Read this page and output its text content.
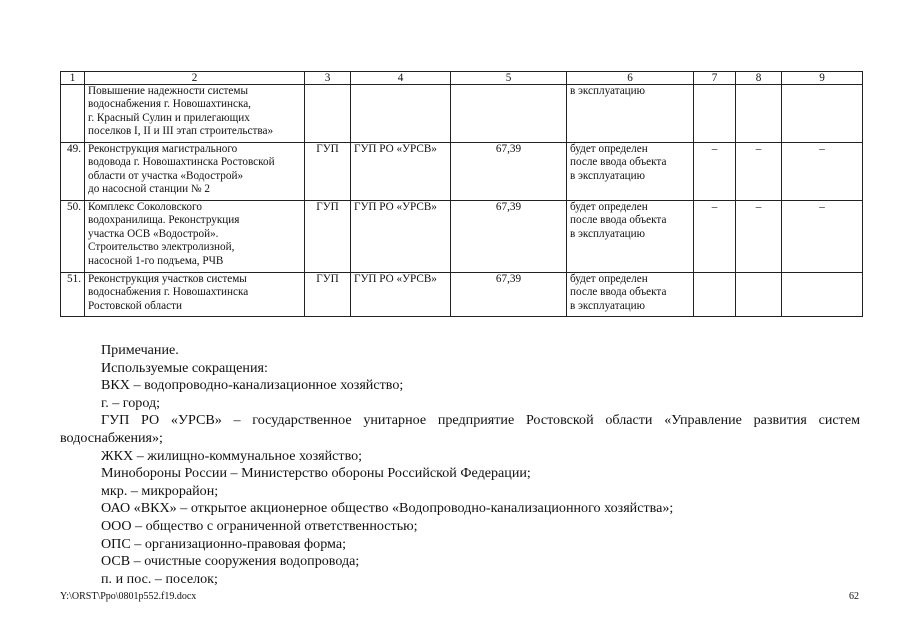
1	2	3	4	5	6	7	8	9

	Повышение надежности системы
водоснабжения г. Новошахтинска,
г. Красный Сулин и прилегающих
поселков I, II и III этап строительства»				в эксплуатацию			

49.	Реконструкция магистрального
водовода г. Новошахтинска Ростовской
области от участка «Водострой»
до насосной станции № 2	ГУП	ГУП РО «УРСВ»	67,39	будет определен
после ввода объекта
в эксплуатацию	–	–	–
50.	Комплекс Соколовского
водохранилища. Реконструкция
участка ОСВ «Водострой».
Строительство электролизной,
насосной 1-го подъема, РЧВ	ГУП	ГУП РО «УРСВ»	67,39	будет определен
после ввода объекта
в эксплуатацию	–	–	–
51.	Реконструкция участков системы
водоснабжения г. Новошахтинска
Ростовской области	ГУП	ГУП РО «УРСВ»	67,39	будет определен
после ввода объекта
в эксплуатацию			

Примечание.
Используемые сокращения:
ВКХ – водопроводно-канализационное хозяйство;
г. – город;
ГУП РО «УРСВ» – государственное унитарное предприятие Ростовской области «Управление развития систем
водоснабжения»;
ЖКХ – жилищно-коммунальное хозяйство;
Минобороны России – Министерство обороны Российской Федерации;
мкр. – микрорайон;
ОАО «ВКХ» – открытое акционерное общество «Водопроводно-канализационного хозяйства»;
ООО – общество с ограниченной ответственностью;
ОПС – организационно-правовая форма;
ОСВ – очистные сооружения водопровода;
п. и пос. – поселок;
Y:\ORST\Ppo\0801p552.f19.docx	62
